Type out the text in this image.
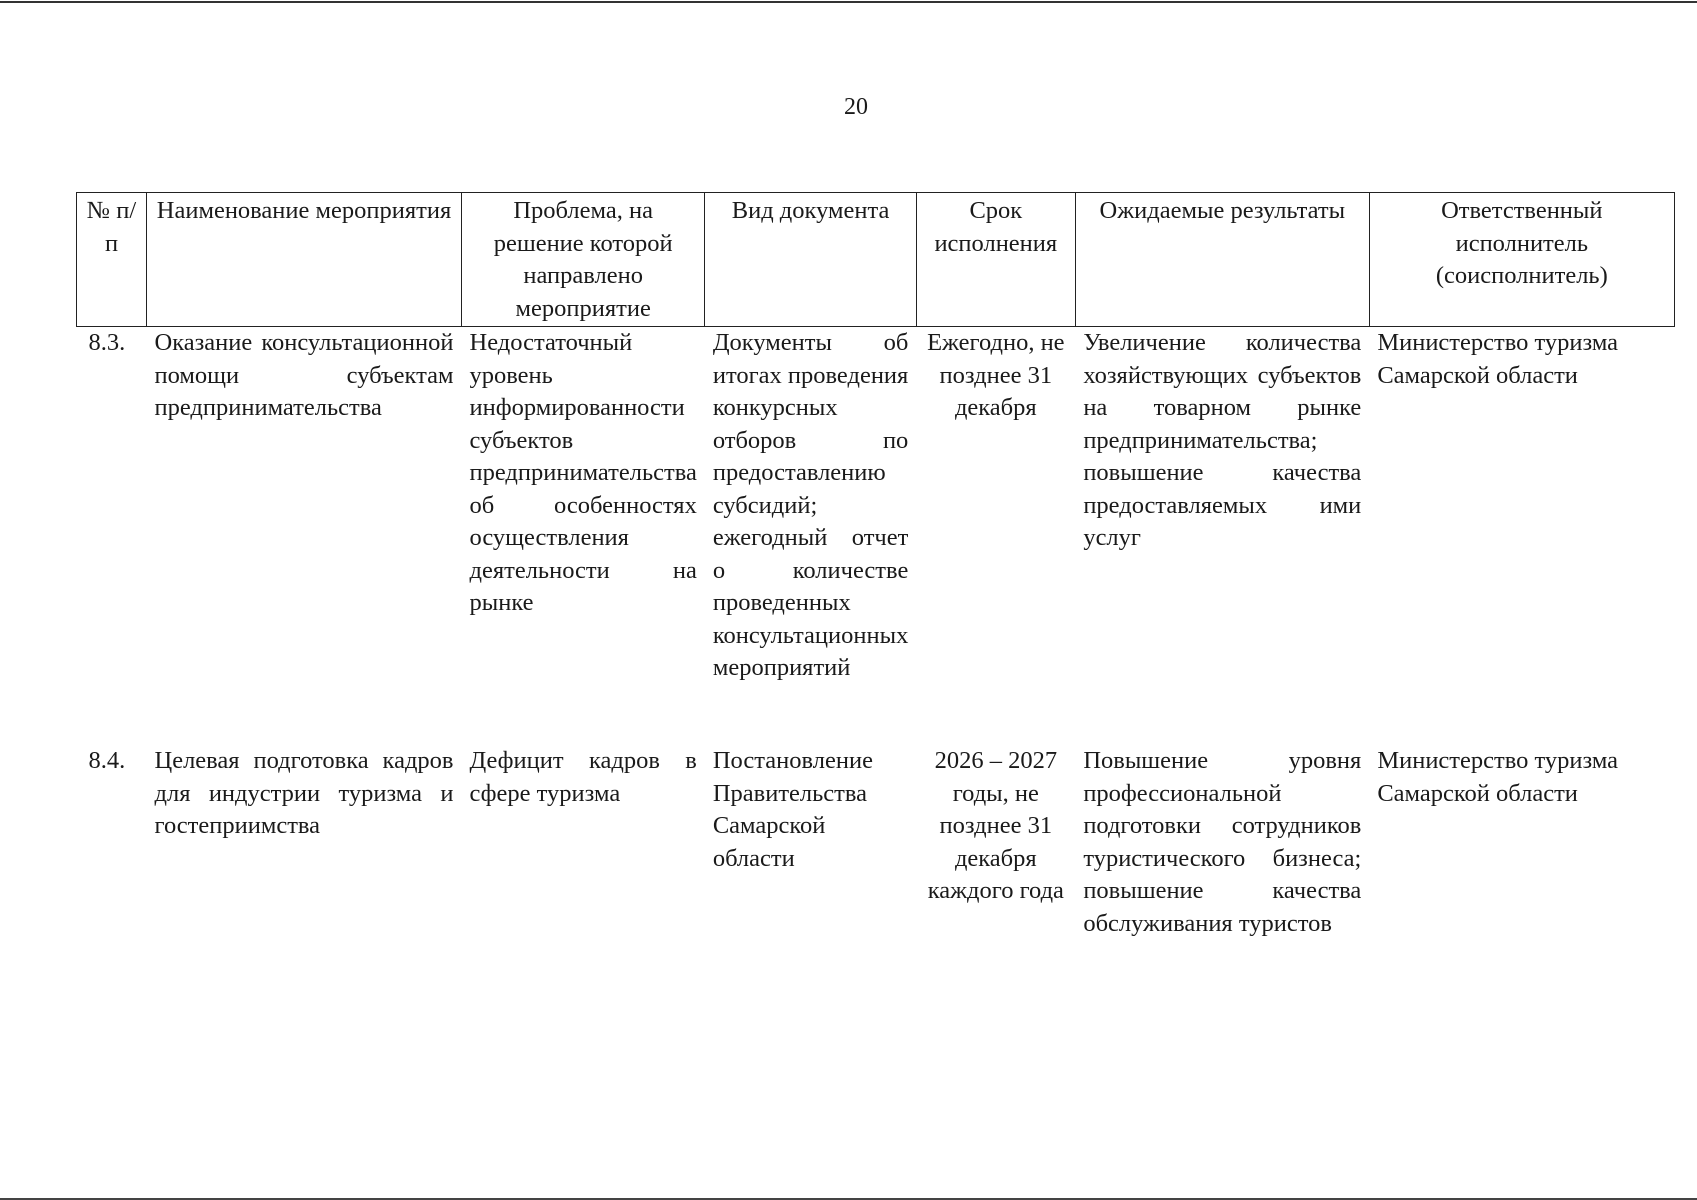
20
№ п/п	Наименование мероприятия	Проблема, на решение которой направлено мероприятие	Вид документа	Срок исполнения	Ожидаемые результаты	Ответственный исполнитель (соисполнитель)
8.3.	Оказание консультационной помощи субъектам предпринимательства	Недостаточный уровень информированности субъектов предпринимательства об особенностях осуществления деятельности на рынке	Документы об итогах проведения конкурсных отборов по предоставлению субсидий; ежегодный отчет о количестве проведенных консультационных мероприятий	Ежегодно, не позднее 31 декабря	Увеличение количества хозяйствующих субъектов на товарном рынке предпринимательства; повышение качества предоставляемых ими услуг	Министерство туризма Самарской области
8.4.	Целевая подготовка кадров для индустрии туризма и гостеприимства	Дефицит кадров в сфере туризма	Постановление Правительства Самарской области	2026 – 2027 годы, не позднее 31 декабря каждого года	Повышение уровня профессиональной подготовки сотрудников туристического бизнеса; повышение качества обслуживания туристов	Министерство туризма Самарской области
